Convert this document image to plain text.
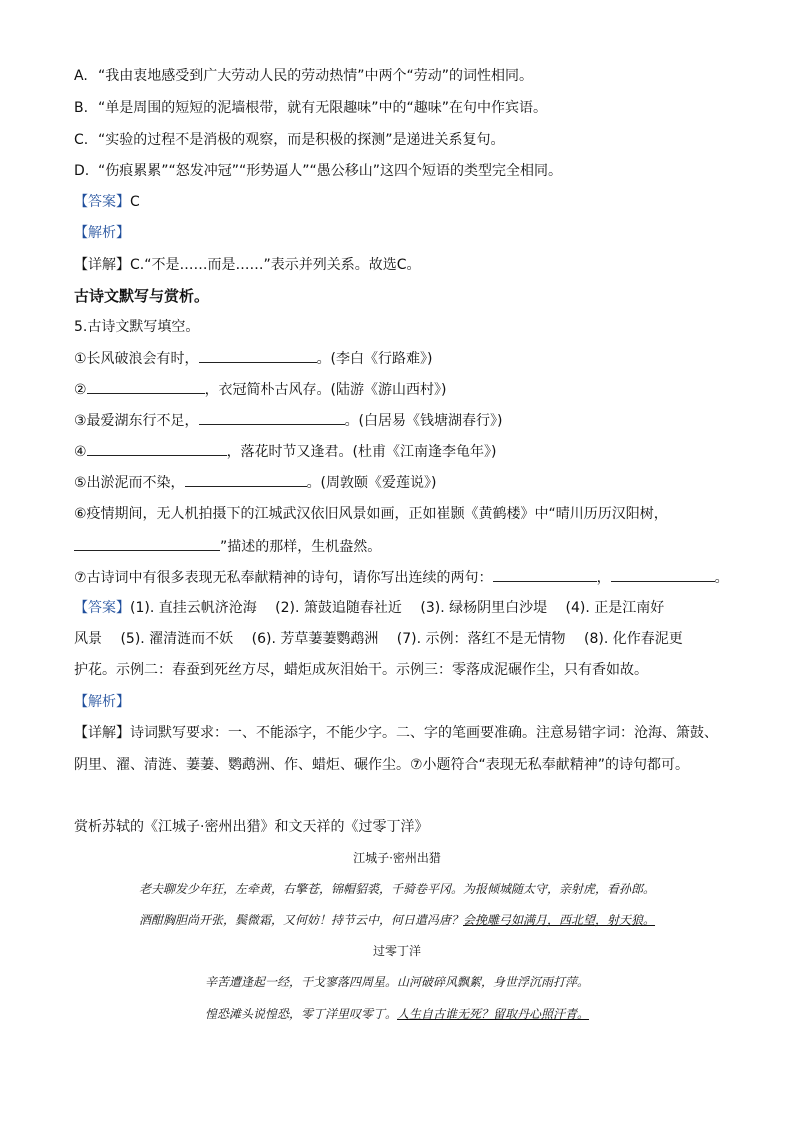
A. “我由衷地感受到广大劳动人民的劳动热情”中两个“劳动”的词性相同。
B. “单是周围的短短的泥墙根带，就有无限趣味”中的“趣味”在句中作宾语。
C. “实验的过程不是消极的观察，而是积极的探测”是递进关系复句。
D. “伤痕累累”“怒发冲冠”“形势逼人”“愚公移山”这四个短语的类型完全相同。
【答案】C
【解析】
【详解】C.“不是……而是……”表示并列关系。故选C。
古诗文默写与赏析。
5.古诗文默写填空。
①长风破浪会有时，	。(李白《行路难》)
②	，衣冠简朴古风存。(陆游《游山西村》)
③最爱湖东行不足，	。(白居易《钱塘湖春行》)
④	，落花时节又逢君。(杜甫《江南逢李龟年》)
⑤出淤泥而不染，	。(周敦颐《爱莲说》)
⑥疫情期间，无人机拍摄下的江城武汉依旧风景如画，正如崔颢《黄鹤楼》中“晴川历历汉阳树，
”描述的那样，生机盎然。
⑦古诗词中有很多表现无私奉献精神的诗句，请你写出连续的两句：	，	。
【答案】(1). 直挂云帆济沧海　 (2). 箫鼓追随春社近　 (3). 绿杨阴里白沙堤　 (4). 正是江南好
风景　 (5). 濯清涟而不妖　 (6). 芳草萋萋鹦鹉洲　 (7). 示例：落红不是无情物　 (8). 化作春泥更
护花。示例二：春蚕到死丝方尽，蜡炬成灰泪始干。示例三：零落成泥碾作尘，只有香如故。
【解析】
【详解】诗词默写要求：一、不能添字，不能少字。二、字的笔画要准确。注意易错字词：沧海、箫鼓、
阴里、濯、清涟、萋萋、鹦鹉洲、作、蜡炬、碾作尘。⑦小题符合“表现无私奉献精神”的诗句都可。
赏析苏轼的《江城子·密州出猎》和文天祥的《过零丁洋》
江城子·密州出猎
老夫聊发少年狂，左牵黄，右擎苍，锦帽貂裘，千骑卷平冈。为报倾城随太守，亲射虎，看孙郎。
酒酣胸胆尚开张，鬓微霜，又何妨！持节云中，何日遣冯唐？会挽雕弓如满月，西北望，射天狼。
过零丁洋
辛苦遭逢起一经，干戈寥落四周星。山河破碎风飘絮，身世浮沉雨打萍。
惶恐滩头说惶恐，零丁洋里叹零丁。人生自古谁无死？留取丹心照汗青。
